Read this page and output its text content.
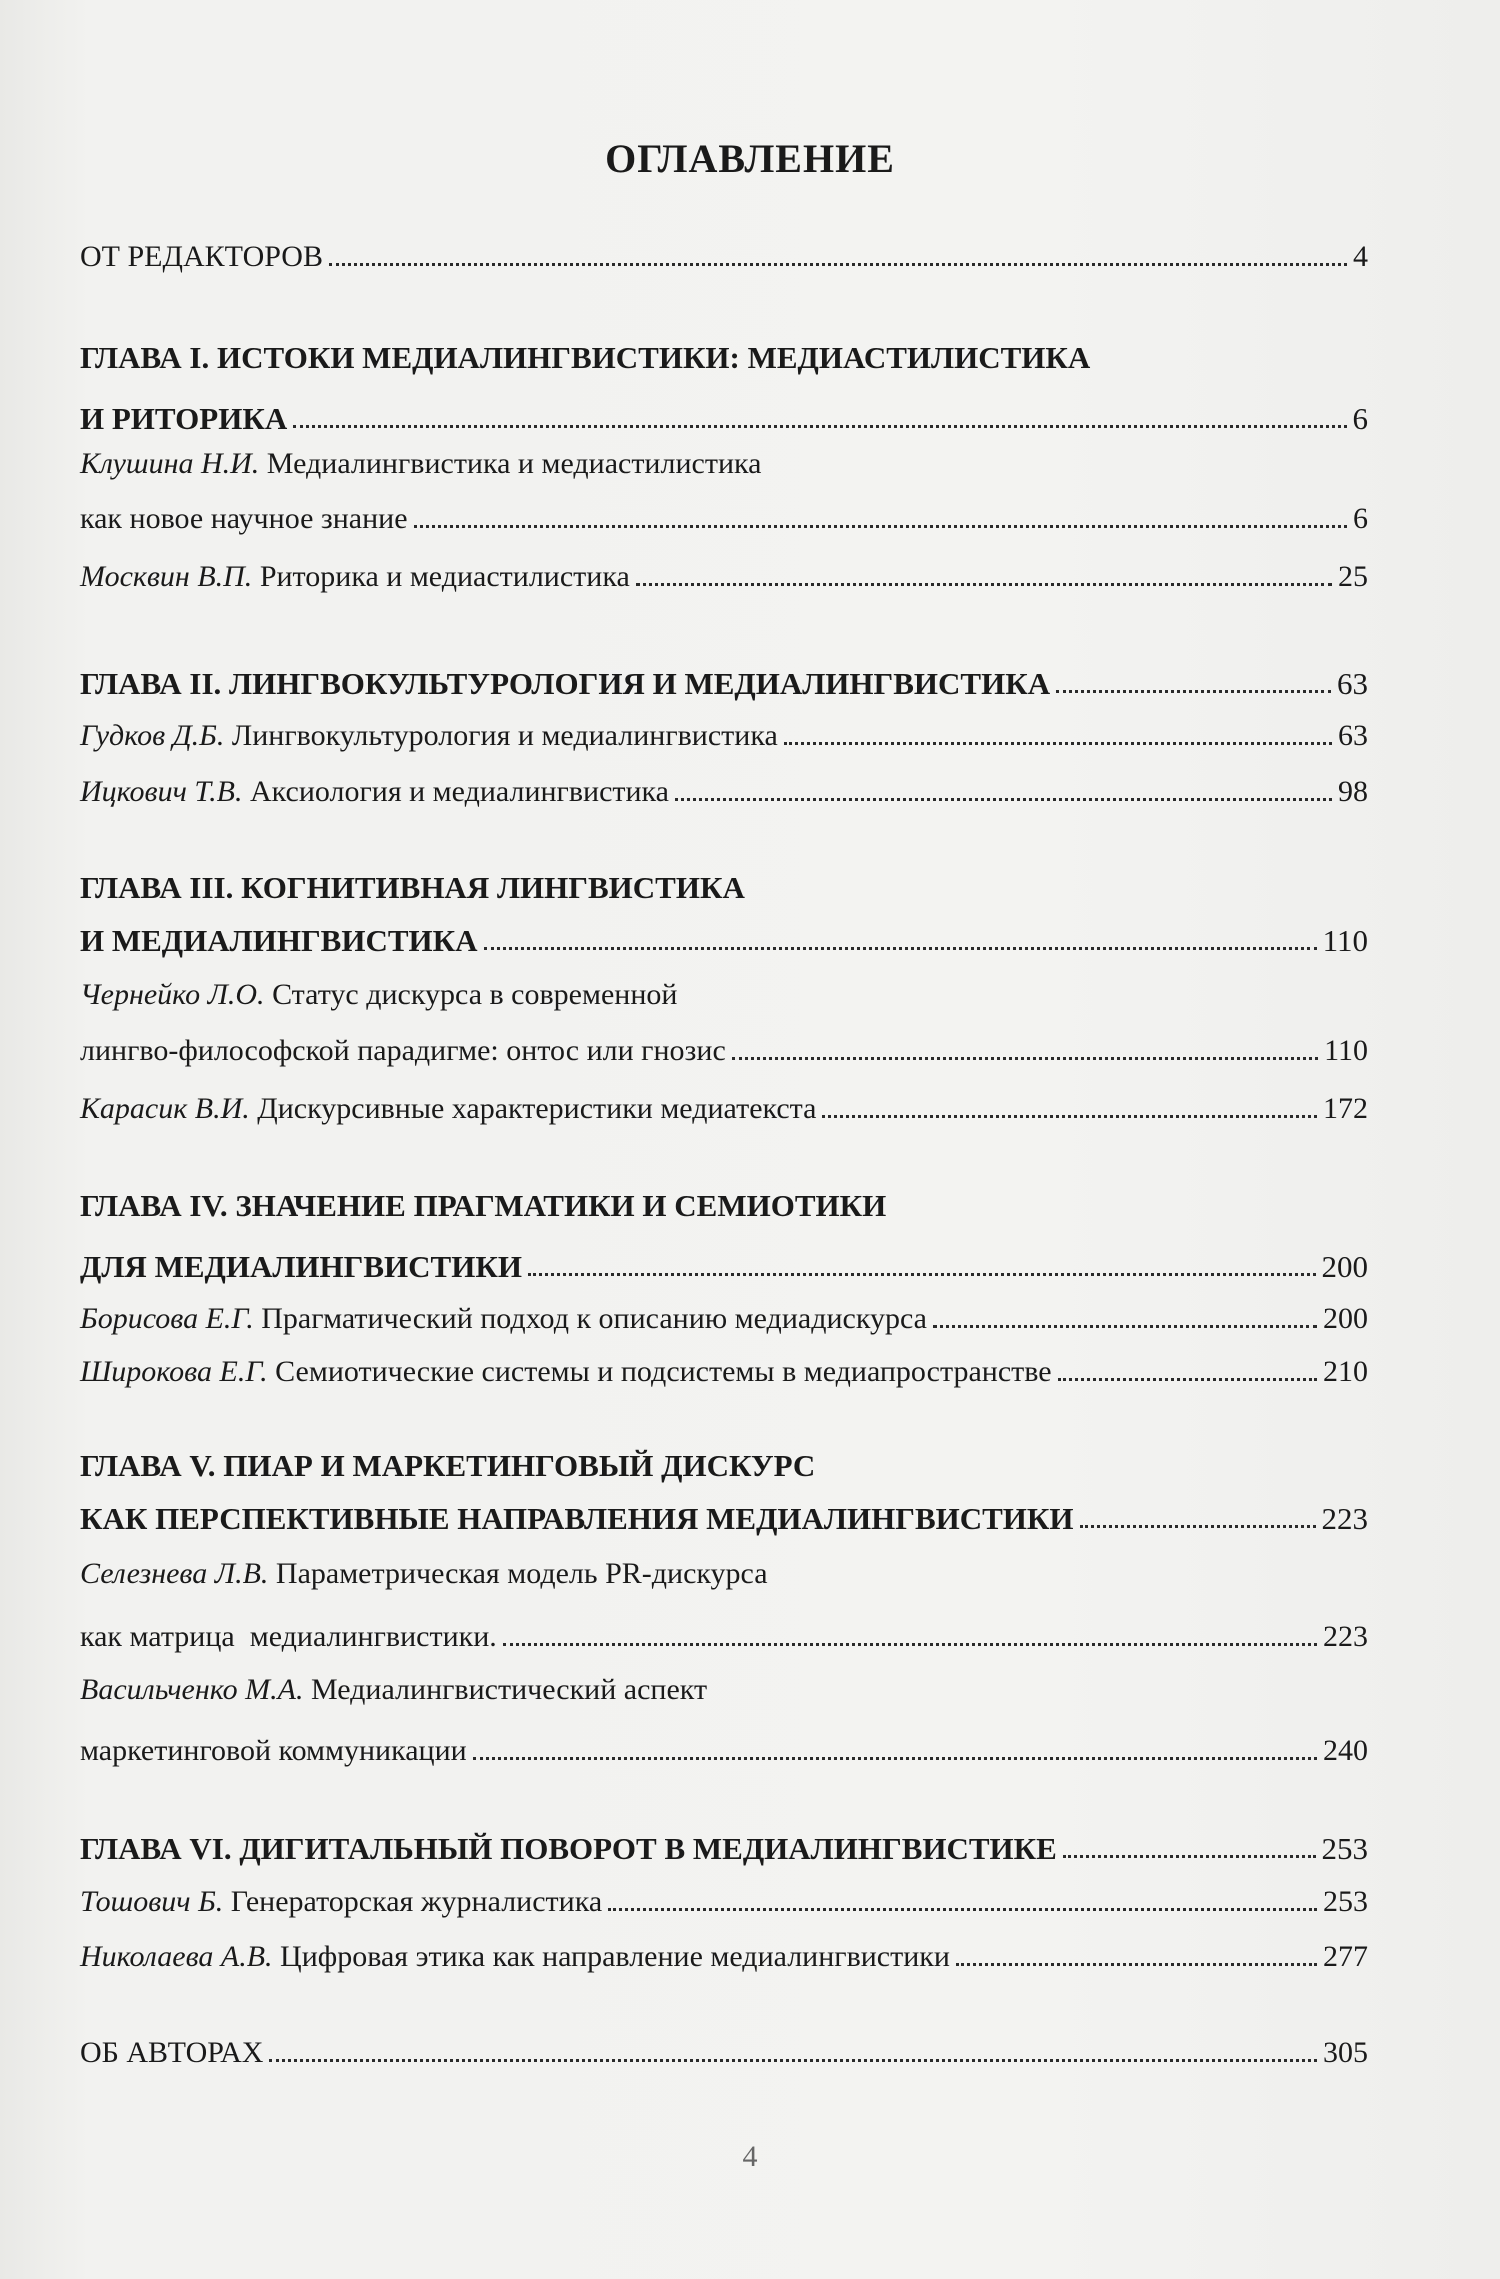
ОГЛАВЛЕНИЕ
ОТ РЕДАКТОРОВ	4
ГЛАВА I. ИСТОКИ МЕДИАЛИНГВИСТИКИ: МЕДИАСТИЛИСТИКА
И РИТОРИКА	6
Клушина Н.И. Медиалингвистика и медиастилистика
как новое научное знание	6
Москвин В.П. Риторика и медиастилистика	25
ГЛАВА II. ЛИНГВОКУЛЬТУРОЛОГИЯ И МЕДИАЛИНГВИСТИКА	63
Гудков Д.Б. Лингвокультурология и медиалингвистика	63
Ицкович Т.В. Аксиология и медиалингвистика	98
ГЛАВА III. КОГНИТИВНАЯ ЛИНГВИСТИКА
И МЕДИАЛИНГВИСТИКА	110
Чернейко Л.О. Статус дискурса в современной
лингво-философской парадигме: онтос или гнозис	110
Карасик В.И. Дискурсивные характеристики медиатекста	172
ГЛАВА IV. ЗНАЧЕНИЕ ПРАГМАТИКИ И СЕМИОТИКИ
ДЛЯ МЕДИАЛИНГВИСТИКИ	200
Борисова Е.Г. Прагматический подход к описанию медиадискурса	200
Широкова Е.Г. Семиотические системы и подсистемы в медиапространстве	210
ГЛАВА V. ПИАР И МАРКЕТИНГОВЫЙ ДИСКУРС
КАК ПЕРСПЕКТИВНЫЕ НАПРАВЛЕНИЯ МЕДИАЛИНГВИСТИКИ	223
Селезнева Л.В. Параметрическая модель PR-дискурса
как матрица  медиалингвистики.	223
Васильченко М.А. Медиалингвистический аспект
маркетинговой коммуникации	240
ГЛАВА VI. ДИГИТАЛЬНЫЙ ПОВОРОТ В МЕДИАЛИНГВИСТИКЕ	253
Тошович Б. Генераторская журналистика	253
Николаева А.В. Цифровая этика как направление медиалингвистики	277
ОБ АВТОРАХ	305
4
